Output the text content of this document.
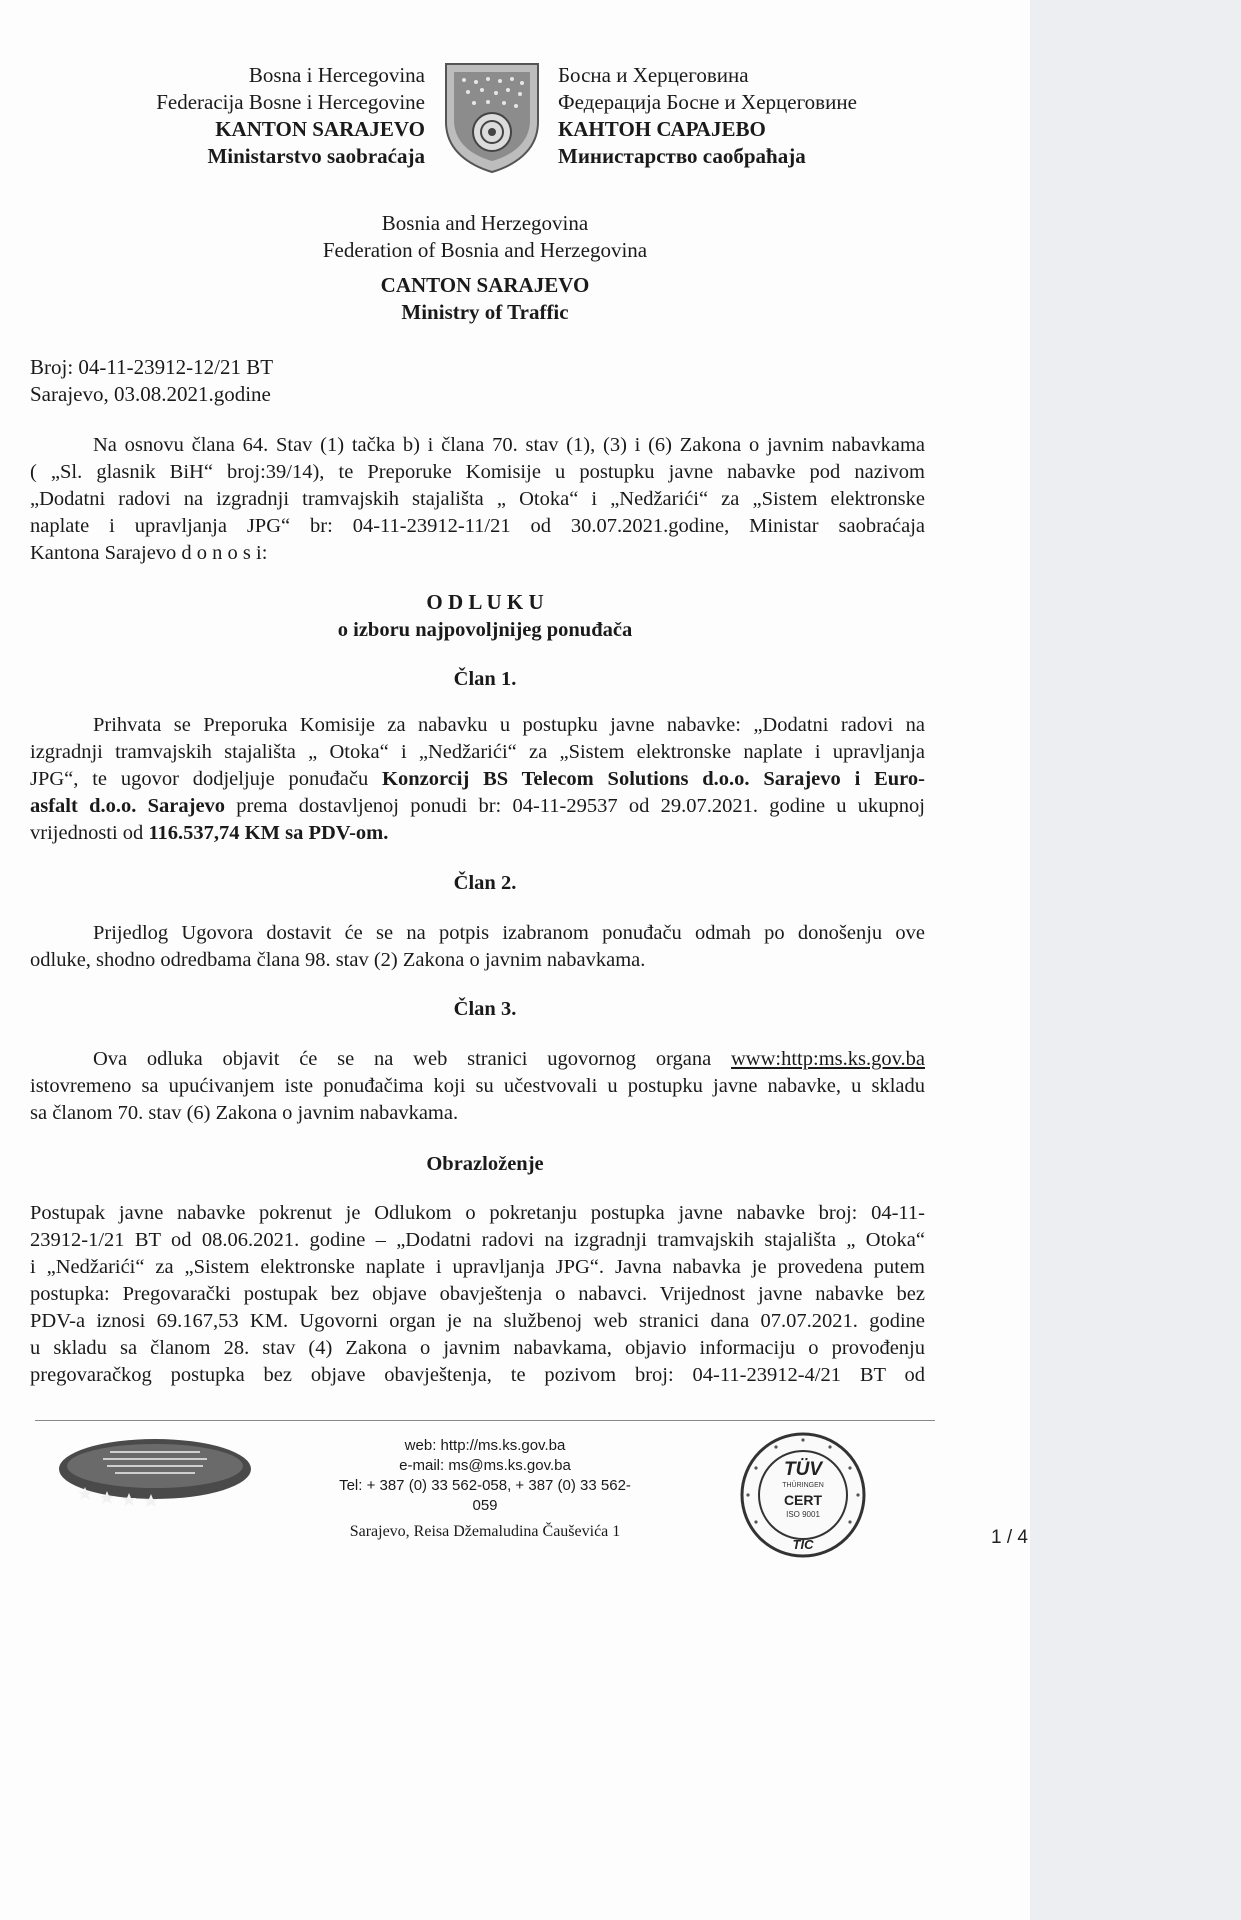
Bosna i Hercegovina
Federacija Bosne i Hercegovine
KANTON SARAJEVO
Ministarstvo saobraćaja
Босна и Херцеговина
Федерација Босне и Херцеговине
КАНТОН САРАЈЕВО
Министарство саобраћаја
Bosnia and Herzegovina
Federation of Bosnia and Herzegovina
CANTON SARAJEVO
Ministry of Traffic
Broj: 04-11-23912-12/21 BT
Sarajevo, 03.08.2021.godine
Na osnovu člana 64. Stav (1) tačka b) i člana 70. stav (1), (3) i (6) Zakona o javnim nabavkama
( „Sl. glasnik BiH“ broj:39/14), te Preporuke Komisije u postupku javne nabavke pod nazivom
„Dodatni radovi na izgradnji tramvajskih stajališta „ Otoka“ i „Nedžarići“ za „Sistem elektronske
naplate i upravljanja JPG“ br: 04-11-23912-11/21 od 30.07.2021.godine, Ministar saobraćaja
Kantona Sarajevo d o n o s i:
O D L U K U
o izboru najpovoljnijeg ponuđača
Član 1.
Prihvata se Preporuka Komisije za nabavku u postupku javne nabavke: „Dodatni radovi na
izgradnji tramvajskih stajališta „ Otoka“ i „Nedžarići“ za „Sistem elektronske naplate i upravljanja
JPG“, te ugovor dodjeljuje ponuđaču Konzorcij BS Telecom Solutions d.o.o. Sarajevo i Euro-
asfalt d.o.o. Sarajevo prema dostavljenoj ponudi br: 04-11-29537 od 29.07.2021. godine u ukupnoj
vrijednosti od 116.537,74 KM sa PDV-om.
Član 2.
Prijedlog Ugovora dostavit će se na potpis izabranom ponuđaču odmah po donošenju ove
odluke, shodno odredbama člana 98. stav (2) Zakona o javnim nabavkama.
Član 3.
Ova odluka objavit će se na web stranici ugovornog organa www:http:ms.ks.gov.ba
istovremeno sa upućivanjem iste ponuđačima koji su učestvovali u postupku javne nabavke, u skladu
sa članom 70. stav (6) Zakona o javnim nabavkama.
Obrazloženje
Postupak javne nabavke pokrenut je Odlukom o pokretanju postupka javne nabavke broj: 04-11-
23912-1/21 BT od 08.06.2021. godine – „Dodatni radovi na izgradnji tramvajskih stajališta „ Otoka“
i „Nedžarići“ za „Sistem elektronske naplate i upravljanja JPG“. Javna nabavka je provedena putem
postupka: Pregovarački postupak bez objave obavještenja o nabavci. Vrijednost javne nabavke bez
PDV-a iznosi 69.167,53 KM. Ugovorni organ je na službenoj web stranici dana 07.07.2021. godine
u skladu sa članom 28. stav (4) Zakona o javnim nabavkama, objavio informaciju o provođenju
pregovaračkog postupka bez objave obavještenja, te pozivom broj: 04-11-23912-4/21 BT od
web: http://ms.ks.gov.ba
e-mail: ms@ms.ks.gov.ba
Tel: + 387 (0) 33 562-058, + 387 (0) 33 562-
059
Sarajevo, Reisa Džemaludina Čauševića 1
TÜV
THÜRINGEN
CERT
ISO 9001
TIC	1 / 4
